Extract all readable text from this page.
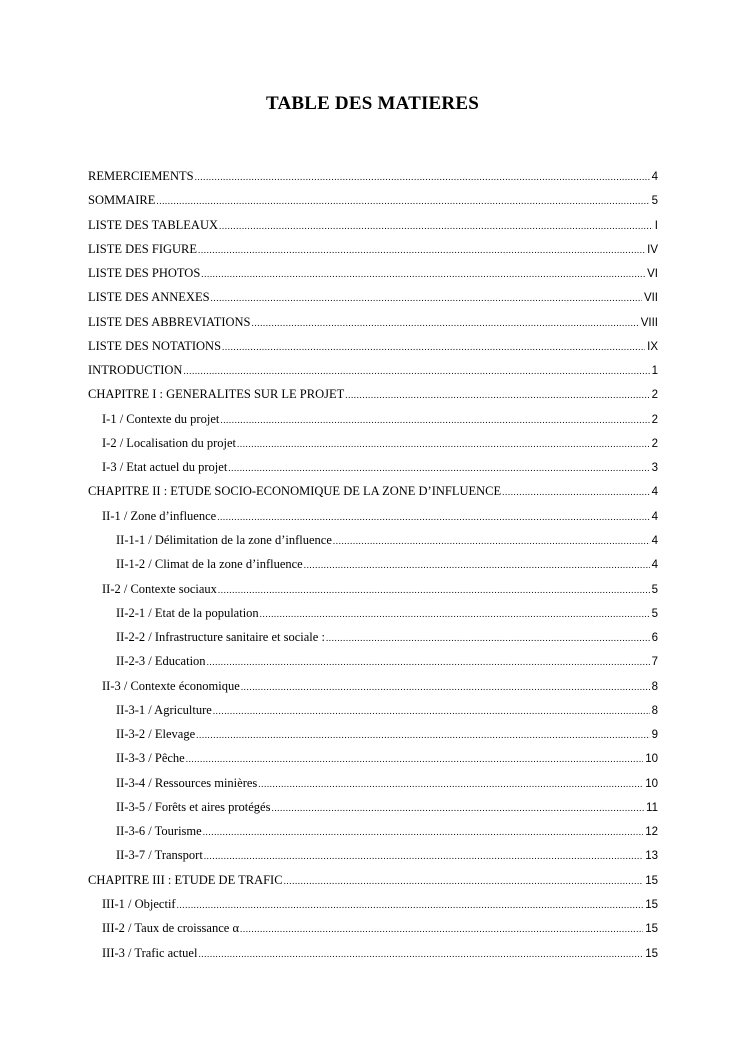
TABLE DES MATIERES
REMERCIEMENTS .....	4
SOMMAIRE .....	5
LISTE DES TABLEAUX .....	I
LISTE DES FIGURE .....	IV
LISTE DES PHOTOS .....	VI
LISTE DES ANNEXES .....	VII
LISTE DES ABBREVIATIONS .....	VIII
LISTE DES NOTATIONS .....	IX
INTRODUCTION .....	1
CHAPITRE I : GENERALITES SUR LE PROJET .....	2
I-1 / Contexte du projet .....	2
I-2 / Localisation du projet .....	2
I-3 / Etat actuel du projet .....	3
CHAPITRE II : ETUDE SOCIO-ECONOMIQUE DE LA ZONE D’INFLUENCE .....	4
II-1 / Zone d’influence .....	4
II-1-1 / Délimitation de la zone d’influence .....	4
II-1-2 / Climat de la zone d’influence .....	4
II-2 / Contexte sociaux .....	5
II-2-1 / Etat de la population .....	5
II-2-2 / Infrastructure sanitaire et sociale : .....	6
II-2-3 / Education .....	7
II-3 / Contexte économique .....	8
II-3-1 / Agriculture .....	8
II-3-2 / Elevage .....	9
II-3-3 / Pêche .....	10
II-3-4 / Ressources minières .....	10
II-3-5 / Forêts et aires protégés .....	11
II-3-6 / Tourisme .....	12
II-3-7 / Transport .....	13
CHAPITRE III : ETUDE DE TRAFIC .....	15
III-1 / Objectif .....	15
III-2 / Taux de croissance α .....	15
III-3 / Trafic actuel .....	15
